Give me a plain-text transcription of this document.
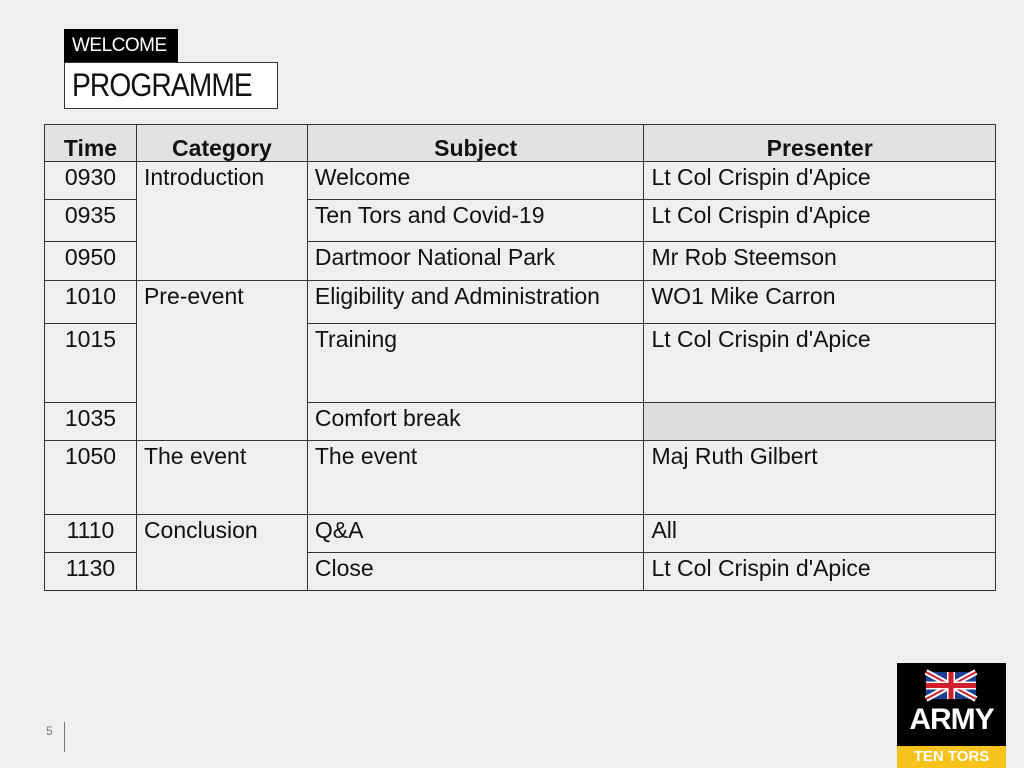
WELCOME
PROGRAMME
Time	Category	Subject	Presenter
0930	Introduction	Welcome	Lt Col Crispin d'Apice
0935		Ten Tors and Covid-19	Lt Col Crispin d'Apice
0950		Dartmoor National Park	Mr Rob Steemson
1010	Pre-event	Eligibility and Administration	WO1 Mike Carron
1015		Training	Lt Col Crispin d'Apice
1035		Comfort break	
1050	The event	The event	Maj Ruth Gilbert
1110	Conclusion	Q&A	All
1130		Close	Lt Col Crispin d'Apice
5	ARMY
TEN TORS
